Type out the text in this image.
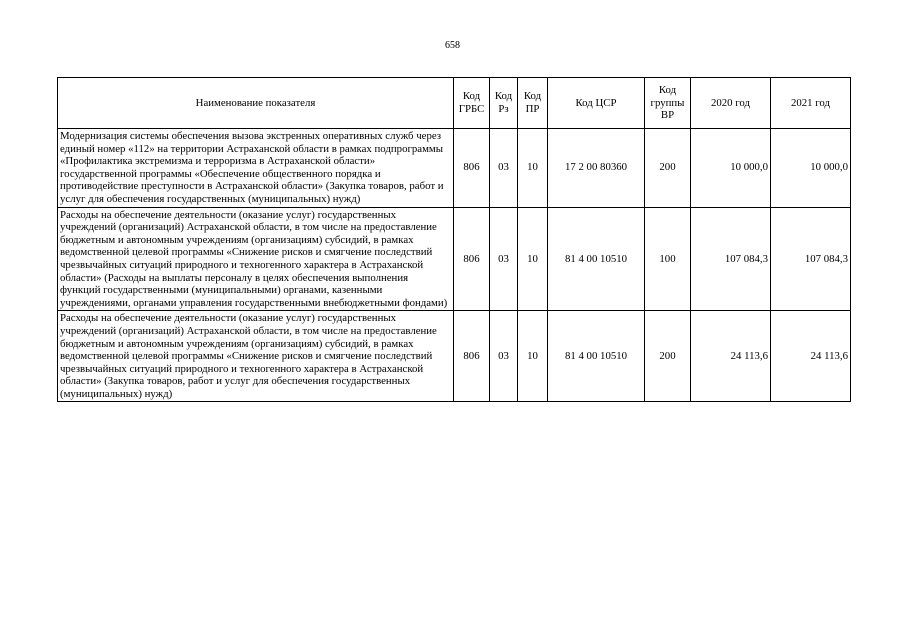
658
Наименование показателя	Код ГРБС	Код Рз	Код ПР	Код ЦСР	Код группы ВР	2020 год	2021 год
Модернизация системы обеспечения вызова экстренных оперативных служб через единый номер «112» на территории Астраханской области в рамках подпрограммы «Профилактика экстремизма и терроризма в Астраханской области» государственной программы «Обеспечение общественного порядка и противодействие преступности в Астраханской области» (Закупка товаров, работ и услуг для обеспечения государственных (муниципальных) нужд)	806	03	10	17 2 00 80360	200	10 000,0	10 000,0
Расходы на обеспечение деятельности (оказание услуг) государственных учреждений (организаций) Астраханской области, в том числе на предоставление бюджетным и автономным учреждениям (организациям) субсидий, в рамках ведомственной целевой программы «Снижение рисков и смягчение последствий чрезвычайных ситуаций природного и техногенного характера в Астраханской области» (Расходы на выплаты персоналу в целях обеспечения выполнения функций государственными (муниципальными) органами, казенными учреждениями, органами управления государственными внебюджетными фондами)	806	03	10	81 4 00 10510	100	107 084,3	107 084,3
Расходы на обеспечение деятельности (оказание услуг) государственных учреждений (организаций) Астраханской области, в том числе на предоставление бюджетным и автономным учреждениям (организациям) субсидий, в рамках ведомственной целевой программы «Снижение рисков и смягчение последствий чрезвычайных ситуаций природного и техногенного характера в Астраханской области» (Закупка товаров, работ и услуг для обеспечения государственных (муниципальных) нужд)	806	03	10	81 4 00 10510	200	24 113,6	24 113,6
